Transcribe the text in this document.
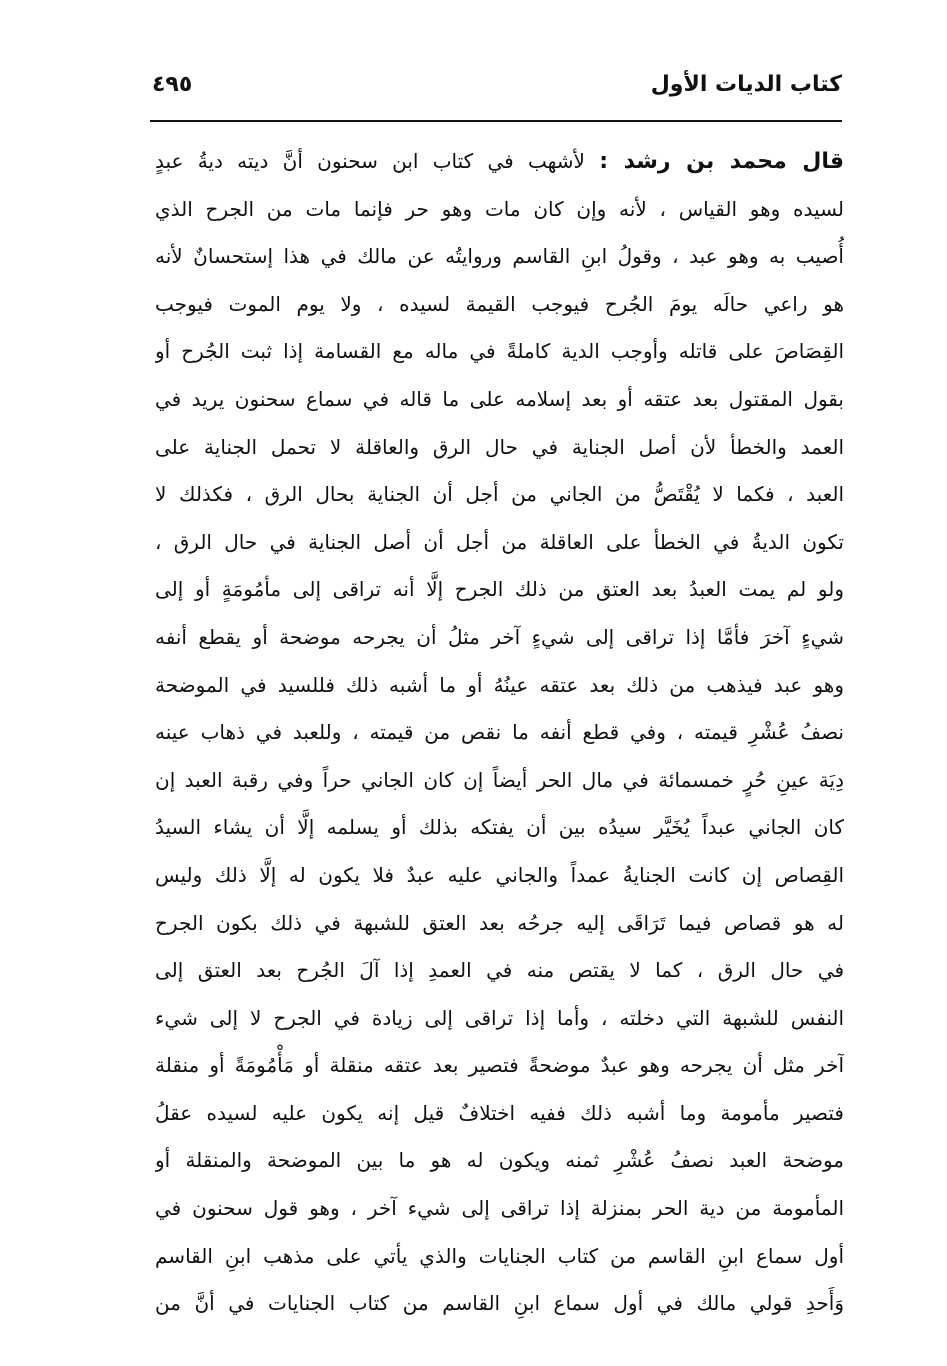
كتاب الديات الأول
٤٩٥
قال محمد بن رشد : لأشهب في كتاب ابن سحنون أنَّ ديته ديةُ عبدٍ
لسيده وهو القياس ، لأنه وإن كان مات وهو حر فإنما مات من الجرح الذي
أُصيب به وهو عبد ، وقولُ ابنِ القاسم وروايتُه عن مالك في هذا إستحسانٌ لأنه
هو راعي حالَه يومَ الجُرح فيوجب القيمة لسيده ، ولا يوم الموت فيوجب
القِصَاصَ على قاتله وأوجب الدية كاملةً في ماله مع القسامة إذا ثبت الجُرح أو
بقول المقتول بعد عتقه أو بعد إسلامه على ما قاله في سماع سحنون يريد في
العمد والخطأ لأن أصل الجناية في حال الرق والعاقلة لا تحمل الجناية على
العبد ، فكما لا يُقْتَصُّ من الجاني من أجل أن الجناية بحال الرق ، فكذلك لا
تكون الديةُ في الخطأ على العاقلة من أجل أن أصل الجناية في حال الرق ،
ولو لم يمت العبدُ بعد العتق من ذلك الجرح إلَّا أنه تراقى إلى مأمُومَةٍ أو إلى
شيءٍ آخرَ فأمَّا إذا تراقى إلى شيءٍ آخر مثلُ أن يجرحه موضحة أو يقطع أنفه
وهو عبد فيذهب من ذلك بعد عتقه عينُهُ أو ما أشبه ذلك فللسيد في الموضحة
نصفُ عُشْرِ قيمته ، وفي قطع أنفه ما نقص من قيمته ، وللعبد في ذهاب عينه
دِيَة عينِ حُرٍ خمسمائة في مال الحر أيضاً إن كان الجاني حراً وفي رقبة العبد إن
كان الجاني عبداً يُخَيَّر سيدُه بين أن يفتكه بذلك أو يسلمه إلَّا أن يشاء السيدُ
القِصاص إن كانت الجنايةُ عمداً والجاني عليه عبدٌ فلا يكون له إلَّا ذلك وليس
له هو قصاص فيما تَرَاقَى إليه جرحُه بعد العتق للشبهة في ذلك بكون الجرح
في حال الرق ، كما لا يقتص منه في العمدِ إذا آلَ الجُرح بعد العتق إلى
النفس للشبهة التي دخلته ، وأما إذا تراقى إلى زيادة في الجرح لا إلى شيء
آخر مثل أن يجرحه وهو عبدٌ موضحةً فتصير بعد عتقه منقلة أو مَأْمُومَةً أو منقلة
فتصير مأمومة وما أشبه ذلك ففيه اختلافٌ قيل إنه يكون عليه لسيده عقلُ
موضحة العبد نصفُ عُشْرِ ثمنه ويكون له هو ما بين الموضحة والمنقلة أو
المأمومة من دية الحر بمنزلة إذا تراقى إلى شيء آخر ، وهو قول سحنون في
أول سماع ابنِ القاسم من كتاب الجنايات والذي يأتي على مذهب ابنِ القاسم
وَأَحدِ قولي مالك في أول سماع ابنِ القاسم من كتاب الجنايات في أنَّ من
